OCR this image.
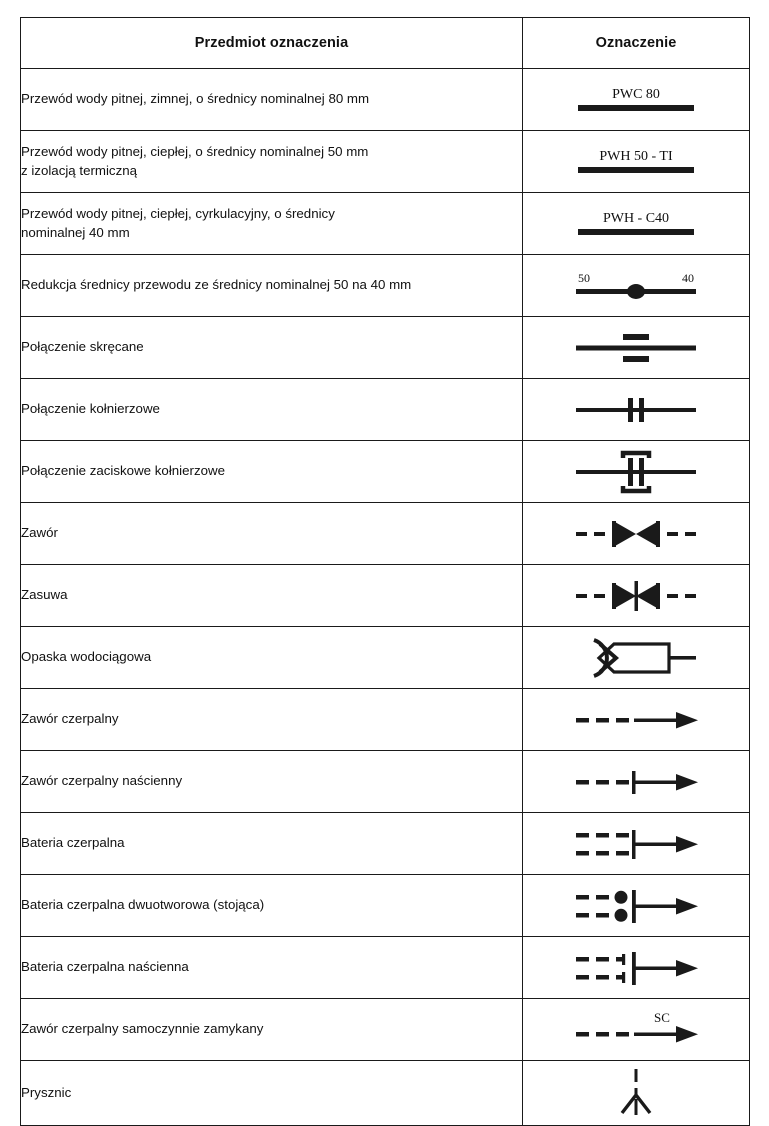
Przedmiot oznaczenia	Oznaczenie

Przewód wody pitnej, zimnej, o średnicy nominalnej 80 mm	PWC 80

Przewód wody pitnej, ciepłej, o średnicy nominalnej 50 mm
z izolacją termiczną	PWH 50 - TI

Przewód wody pitnej, ciepłej, cyrkulacyjny, o średnicy
nominalnej 40 mm	PWH - C40

Redukcja średnicy przewodu ze średnicy nominalnej 50 na 40 mm	50 40

Połączenie skręcane

Połączenie kołnierzowe

Połączenie zaciskowe kołnierzowe

Zawór

Zasuwa

Opaska wodociągowa

Zawór czerpalny

Zawór czerpalny naścienny

Bateria czerpalna

Bateria czerpalna dwuotworowa (stojąca)

Bateria czerpalna naścienna

Zawór czerpalny samoczynnie zamykany	SC

Prysznic
